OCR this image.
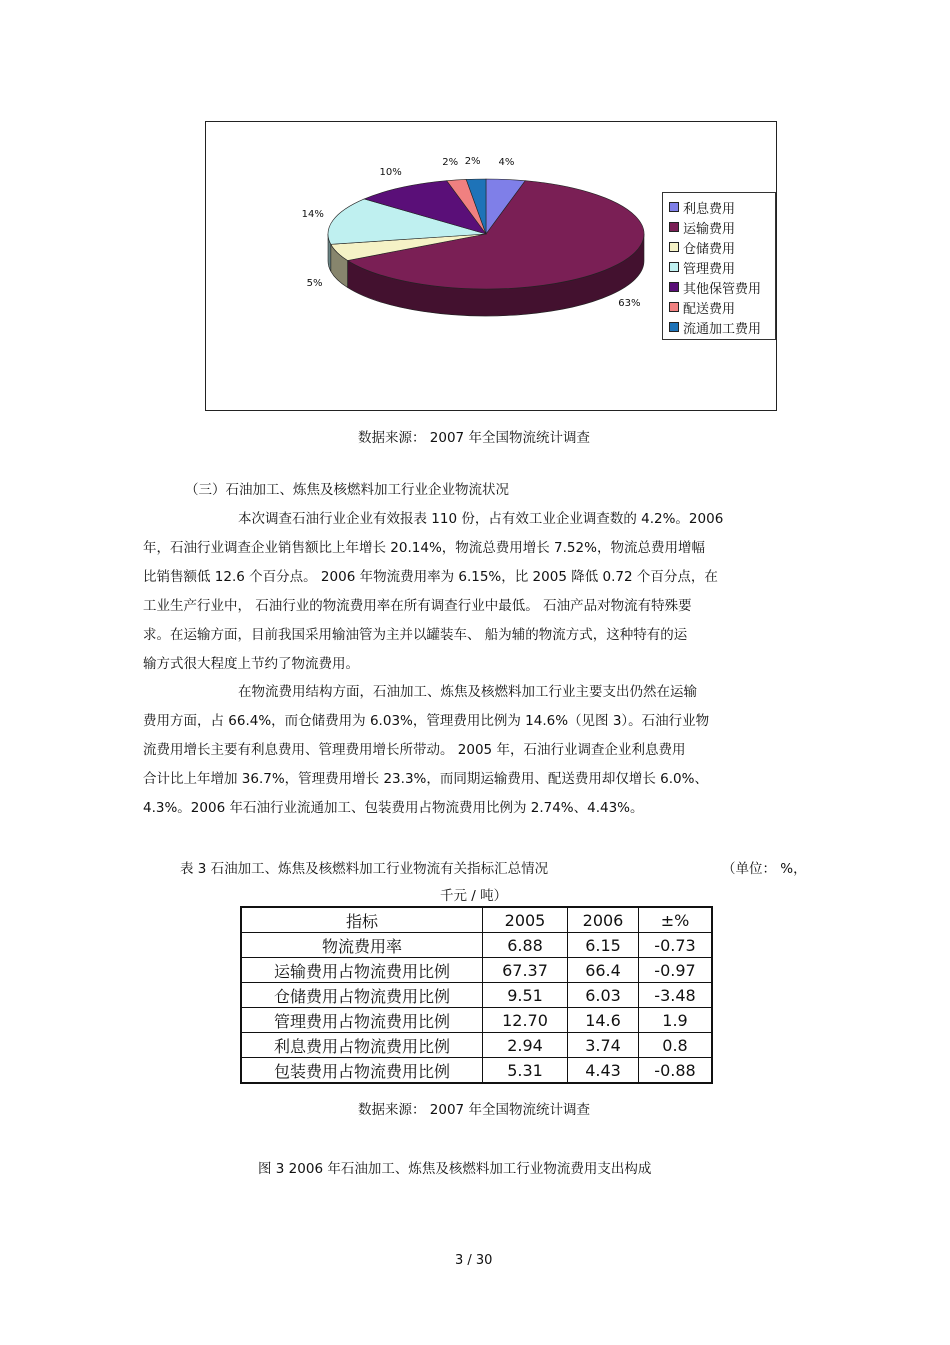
4%
63%
5%
14%
10%
2% 2%
利息费用
运输费用
仓储费用
管理费用
其他保管费用
配送费用
流通加工费用
数据来源： 2007 年全国物流统计调查
（三）石油加工、炼焦及核燃料加工行业企业物流状况
本次调查石油行业企业有效报表 110 份，占有效工业企业调查数的 4.2%。2006
年，石油行业调查企业销售额比上年增长 20.14%，物流总费用增长 7.52%，物流总费用增幅
比销售额低 12.6 个百分点。 2006 年物流费用率为 6.15%，比 2005 降低 0.72 个百分点，在
工业生产行业中， 石油行业的物流费用率在所有调查行业中最低。 石油产品对物流有特殊要
求。在运输方面，目前我国采用输油管为主并以罐装车、 船为辅的物流方式，这种特有的运
输方式很大程度上节约了物流费用。
在物流费用结构方面，石油加工、炼焦及核燃料加工行业主要支出仍然在运输
费用方面，占 66.4%，而仓储费用为 6.03%，管理费用比例为 14.6%（见图 3）。石油行业物
流费用增长主要有利息费用、管理费用增长所带动。 2005 年，石油行业调查企业利息费用
合计比上年增加 36.7%，管理费用增长 23.3%，而同期运输费用、配送费用却仅增长 6.0%、
4.3%。2006 年石油行业流通加工、包装费用占物流费用比例为 2.74%、4.43%。
表 3 石油加工、炼焦及核燃料加工行业物流有关指标汇总情况	（单位： %，
千元 / 吨）
指标	2005	2006	±%
物流费用率	6.88	6.15	-0.73
运输费用占物流费用比例	67.37	66.4	-0.97
仓储费用占物流费用比例	9.51	6.03	-3.48
管理费用占物流费用比例	12.70	14.6	1.9
利息费用占物流费用比例	2.94	3.74	0.8
包装费用占物流费用比例	5.31	4.43	-0.88
数据来源： 2007 年全国物流统计调查
图 3 2006 年石油加工、炼焦及核燃料加工行业物流费用支出构成
3 / 30
